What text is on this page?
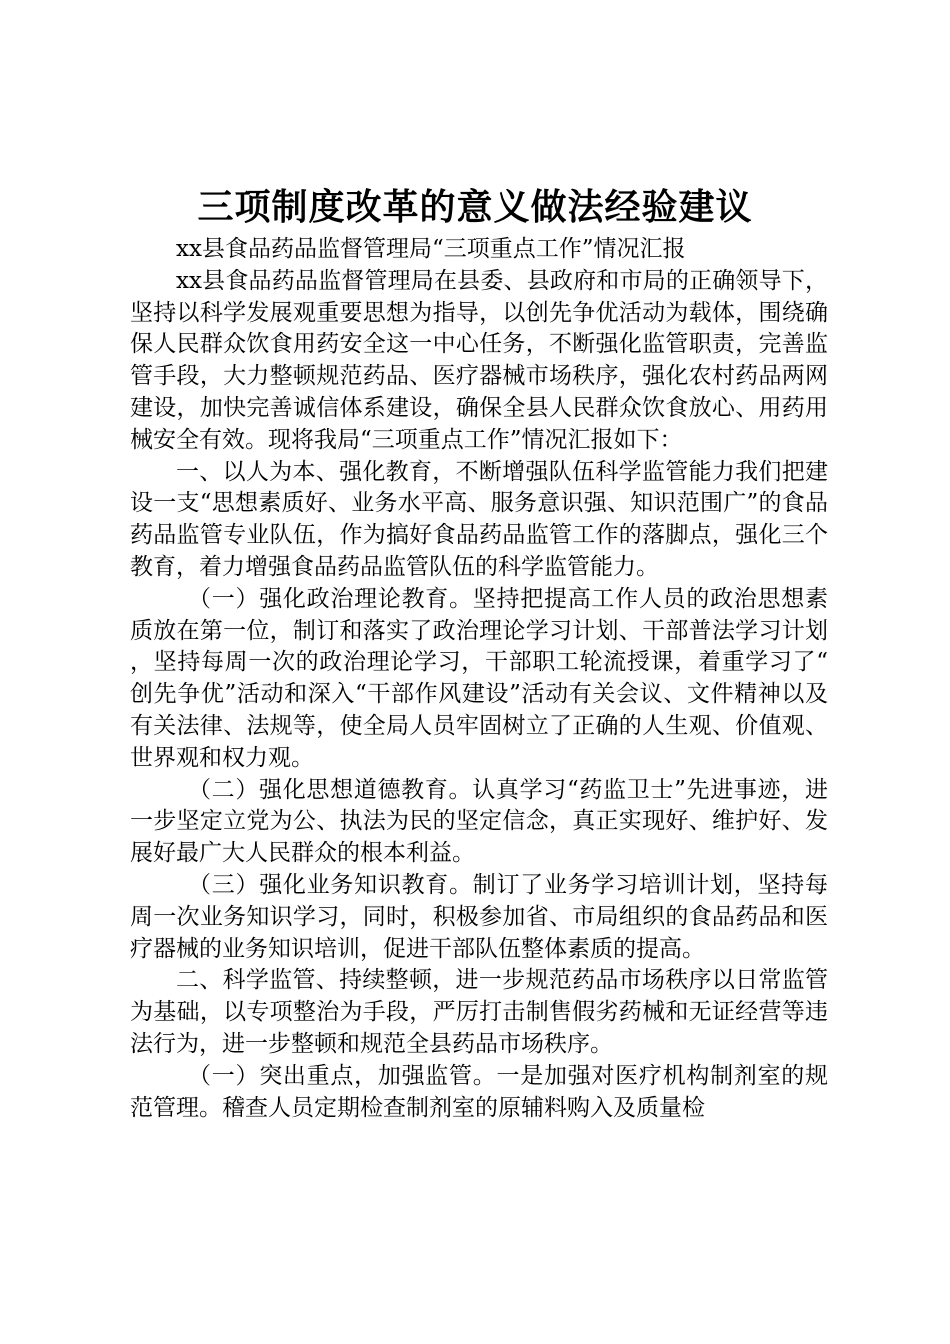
三项制度改革的意义做法经验建议

xx县食品药品监督管理局“三项重点工作”情况汇报

xx县食品药品监督管理局在县委、县政府和市局的正确领导下，坚持以科学发展观重要思想为指导，以创先争优活动为载体，围绕确保人民群众饮食用药安全这一中心任务，不断强化监管职责，完善监管手段，大力整顿规范药品、医疗器械市场秩序，强化农村药品两网建设，加快完善诚信体系建设，确保全县人民群众饮食放心、用药用械安全有效。现将我局“三项重点工作”情况汇报如下：

一、以人为本、强化教育，不断增强队伍科学监管能力我们把建设一支“思想素质好、业务水平高、服务意识强、知识范围广”的食品药品监管专业队伍，作为搞好食品药品监管工作的落脚点，强化三个教育，着力增强食品药品监管队伍的科学监管能力。

（一）强化政治理论教育。坚持把提高工作人员的政治思想素质放在第一位，制订和落实了政治理论学习计划、干部普法学习计划，坚持每周一次的政治理论学习，干部职工轮流授课，着重学习了“创先争优”活动和深入“干部作风建设”活动有关会议、文件精神以及有关法律、法规等，使全局人员牢固树立了正确的人生观、价值观、世界观和权力观。

（二）强化思想道德教育。认真学习“药监卫士”先进事迹，进一步坚定立党为公、执法为民的坚定信念，真正实现好、维护好、发展好最广大人民群众的根本利益。

（三）强化业务知识教育。制订了业务学习培训计划，坚持每周一次业务知识学习，同时，积极参加省、市局组织的食品药品和医疗器械的业务知识培训，促进干部队伍整体素质的提高。

二、科学监管、持续整顿，进一步规范药品市场秩序以日常监管为基础，以专项整治为手段，严厉打击制售假劣药械和无证经营等违法行为，进一步整顿和规范全县药品市场秩序。

（一）突出重点，加强监管。一是加强对医疗机构制剂室的规范管理。稽查人员定期检查制剂室的原辅料购入及质量检
